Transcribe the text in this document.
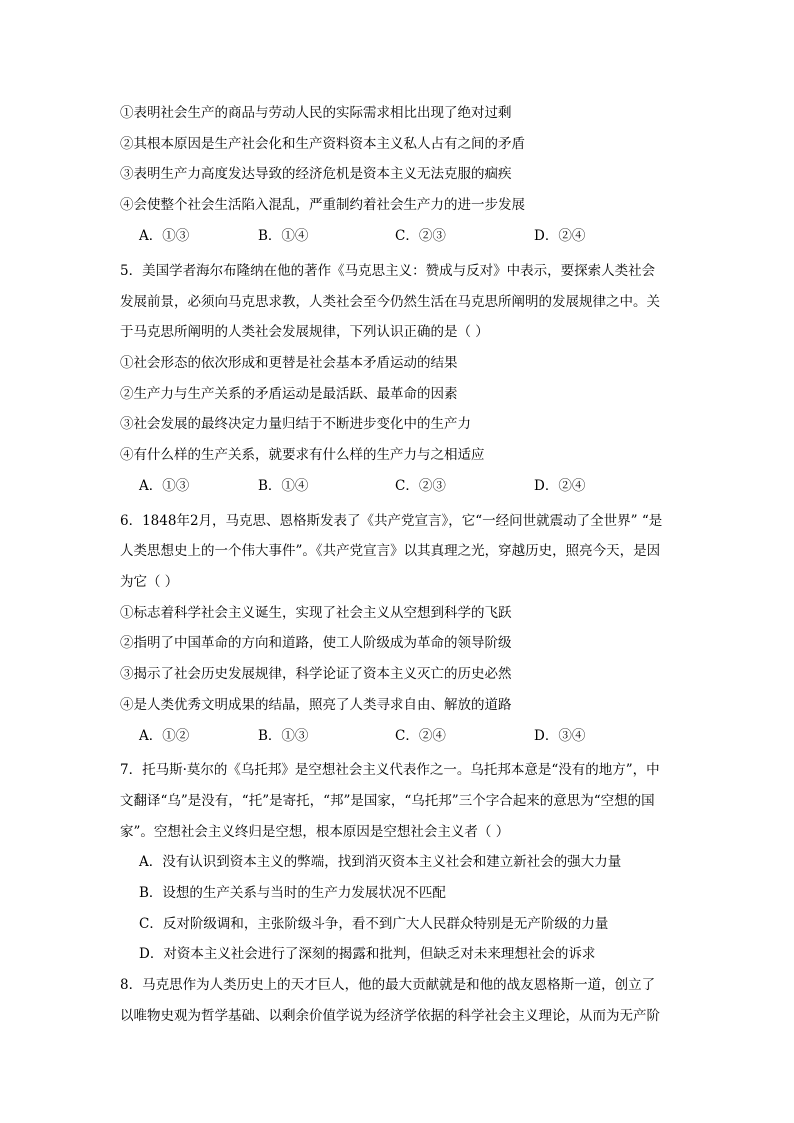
①表明社会生产的商品与劳动人民的实际需求相比出现了绝对过剩
②其根本原因是生产社会化和生产资料资本主义私人占有之间的矛盾
③表明生产力高度发达导致的经济危机是资本主义无法克服的痼疾
④会使整个社会生活陷入混乱，严重制约着社会生产力的进一步发展
A．①③	B．①④	C．②③	D．②④
5．美国学者海尔布隆纳在他的著作《马克思主义：赞成与反对》中表示，要探索人类社会
发展前景，必须向马克思求教，人类社会至今仍然生活在马克思所阐明的发展规律之中。关
于马克思所阐明的人类社会发展规律，下列认识正确的是（ ）
①社会形态的依次形成和更替是社会基本矛盾运动的结果
②生产力与生产关系的矛盾运动是最活跃、最革命的因素
③社会发展的最终决定力量归结于不断进步变化中的生产力
④有什么样的生产关系，就要求有什么样的生产力与之相适应
A．①③	B．①④	C．②③	D．②④
6．1848年2月，马克思、恩格斯发表了《共产党宣言》，它“一经问世就震动了全世界” “是
人类思想史上的一个伟大事件”。《共产党宣言》以其真理之光，穿越历史，照亮今天，是因
为它（ ）
①标志着科学社会主义诞生，实现了社会主义从空想到科学的飞跃
②指明了中国革命的方向和道路，使工人阶级成为革命的领导阶级
③揭示了社会历史发展规律，科学论证了资本主义灭亡的历史必然
④是人类优秀文明成果的结晶，照亮了人类寻求自由、解放的道路
A．①②	B．①③	C．②④	D．③④
7．托马斯·莫尔的《乌托邦》是空想社会主义代表作之一。乌托邦本意是“没有的地方”，中
文翻译“乌”是没有，“托”是寄托，“邦”是国家，“乌托邦”三个字合起来的意思为“空想的国
家”。空想社会主义终归是空想，根本原因是空想社会主义者（ ）
A．没有认识到资本主义的弊端，找到消灭资本主义社会和建立新社会的强大力量
B．设想的生产关系与当时的生产力发展状况不匹配
C．反对阶级调和，主张阶级斗争，看不到广大人民群众特别是无产阶级的力量
D．对资本主义社会进行了深刻的揭露和批判，但缺乏对未来理想社会的诉求
8．马克思作为人类历史上的天才巨人，他的最大贡献就是和他的战友恩格斯一道，创立了
以唯物史观为哲学基础、以剩余价值学说为经济学依据的科学社会主义理论，从而为无产阶
